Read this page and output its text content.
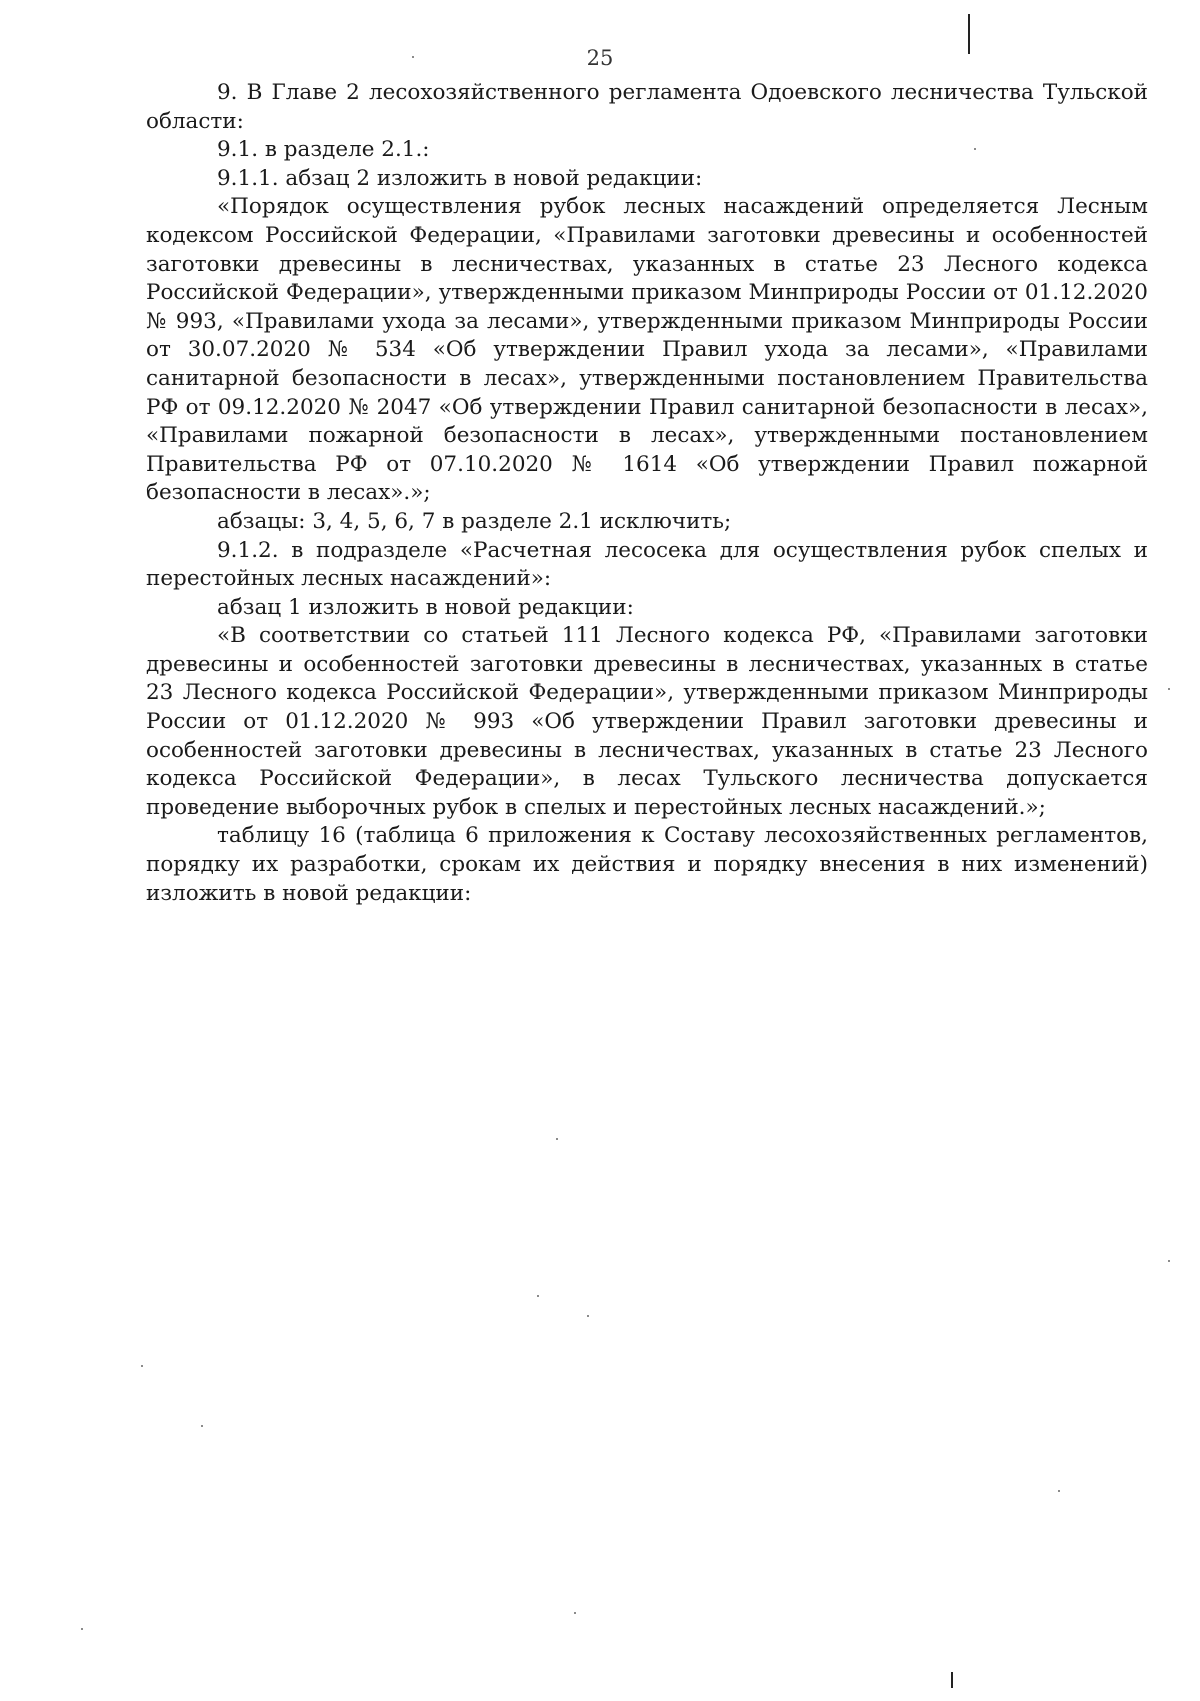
25

9. В Главе 2 лесохозяйственного регламента Одоевского лесничества Тульской области:

9.1. в разделе 2.1.:

9.1.1. абзац 2 изложить в новой редакции:

«Порядок осуществления рубок лесных насаждений определяется Лесным кодексом Российской Федерации, «Правилами заготовки древесины и особенностей заготовки древесины в лесничествах, указанных в статье 23 Лесного кодекса Российской Федерации», утвержденными приказом Минприроды России от 01.12.2020 № 993, «Правилами ухода за лесами», утвержденными приказом Минприроды России от 30.07.2020 № 534 «Об утверждении Правил ухода за лесами», «Правилами санитарной безопасности в лесах», утвержденными постановлением Правительства РФ от 09.12.2020 № 2047 «Об утверждении Правил санитарной безопасности в лесах», «Правилами пожарной безопасности в лесах», утвержденными постановлением Правительства РФ от 07.10.2020 № 1614 «Об утверждении Правил пожарной безопасности в лесах».»;

абзацы: 3, 4, 5, 6, 7 в разделе 2.1 исключить;

9.1.2. в подразделе «Расчетная лесосека для осуществления рубок спелых и перестойных лесных насаждений»:

абзац 1 изложить в новой редакции:

«В соответствии со статьей 111 Лесного кодекса РФ, «Правилами заготовки древесины и особенностей заготовки древесины в лесничествах, указанных в статье 23 Лесного кодекса Российской Федерации», утвержденными приказом Минприроды России от 01.12.2020 № 993 «Об утверждении Правил заготовки древесины и особенностей заготовки древесины в лесничествах, указанных в статье 23 Лесного кодекса Российской Федерации», в лесах Тульского лесничества допускается проведение выборочных рубок в спелых и перестойных лесных насаждений.»;

таблицу 16 (таблица 6 приложения к Составу лесохозяйственных регламентов, порядку их разработки, срокам их действия и порядку внесения в них изменений) изложить в новой редакции:
